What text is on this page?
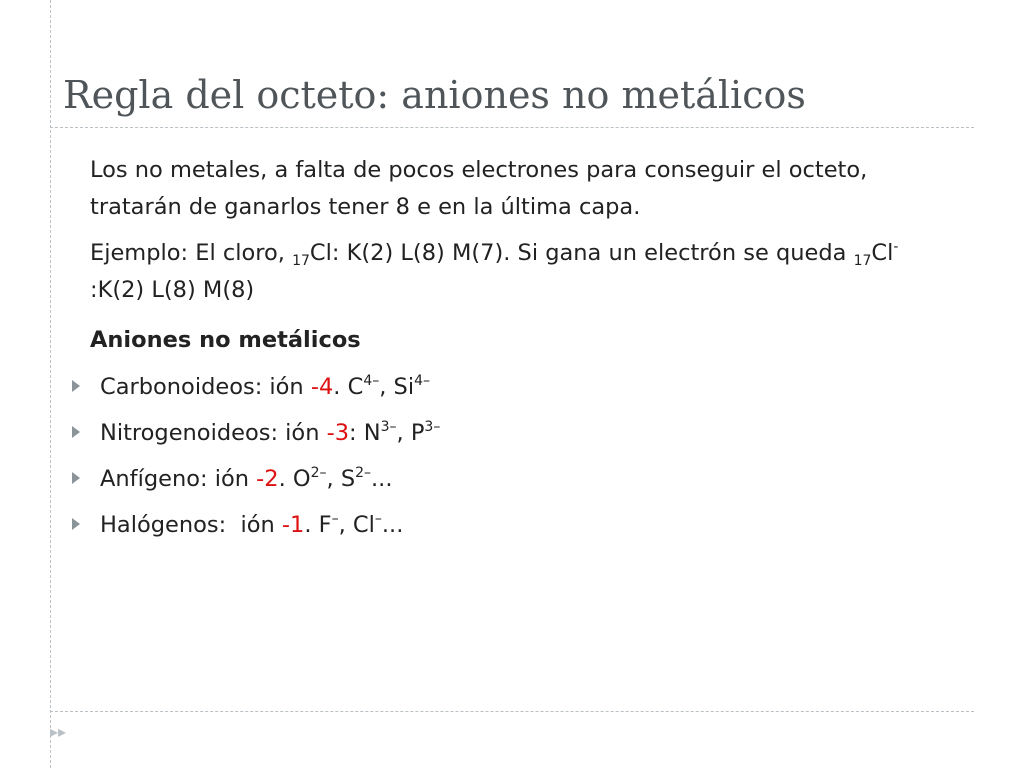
Regla del octeto: aniones no metálicos

Los no metales, a falta de pocos electrones para conseguir el octeto, tratarán de ganarlos tener 8 e en la última capa.

Ejemplo: El cloro, $_{17}$Cl: K(2) L(8) M(7). Si gana un electrón se queda $_{17}$Cl- :K(2) L(8) M(8)

Aniones no metálicos

Carbonoideos: ión -4. $C^{4-}$, $Si^{4-}$

Nitrogenoideos: ión -3: $N^{3-}$, $P^{3-}$

Anfígeno: ión -2. $O^{2-}$, $S^{2-}$...

Halógenos:  ión -1. F–, Cl–...

▸▸
